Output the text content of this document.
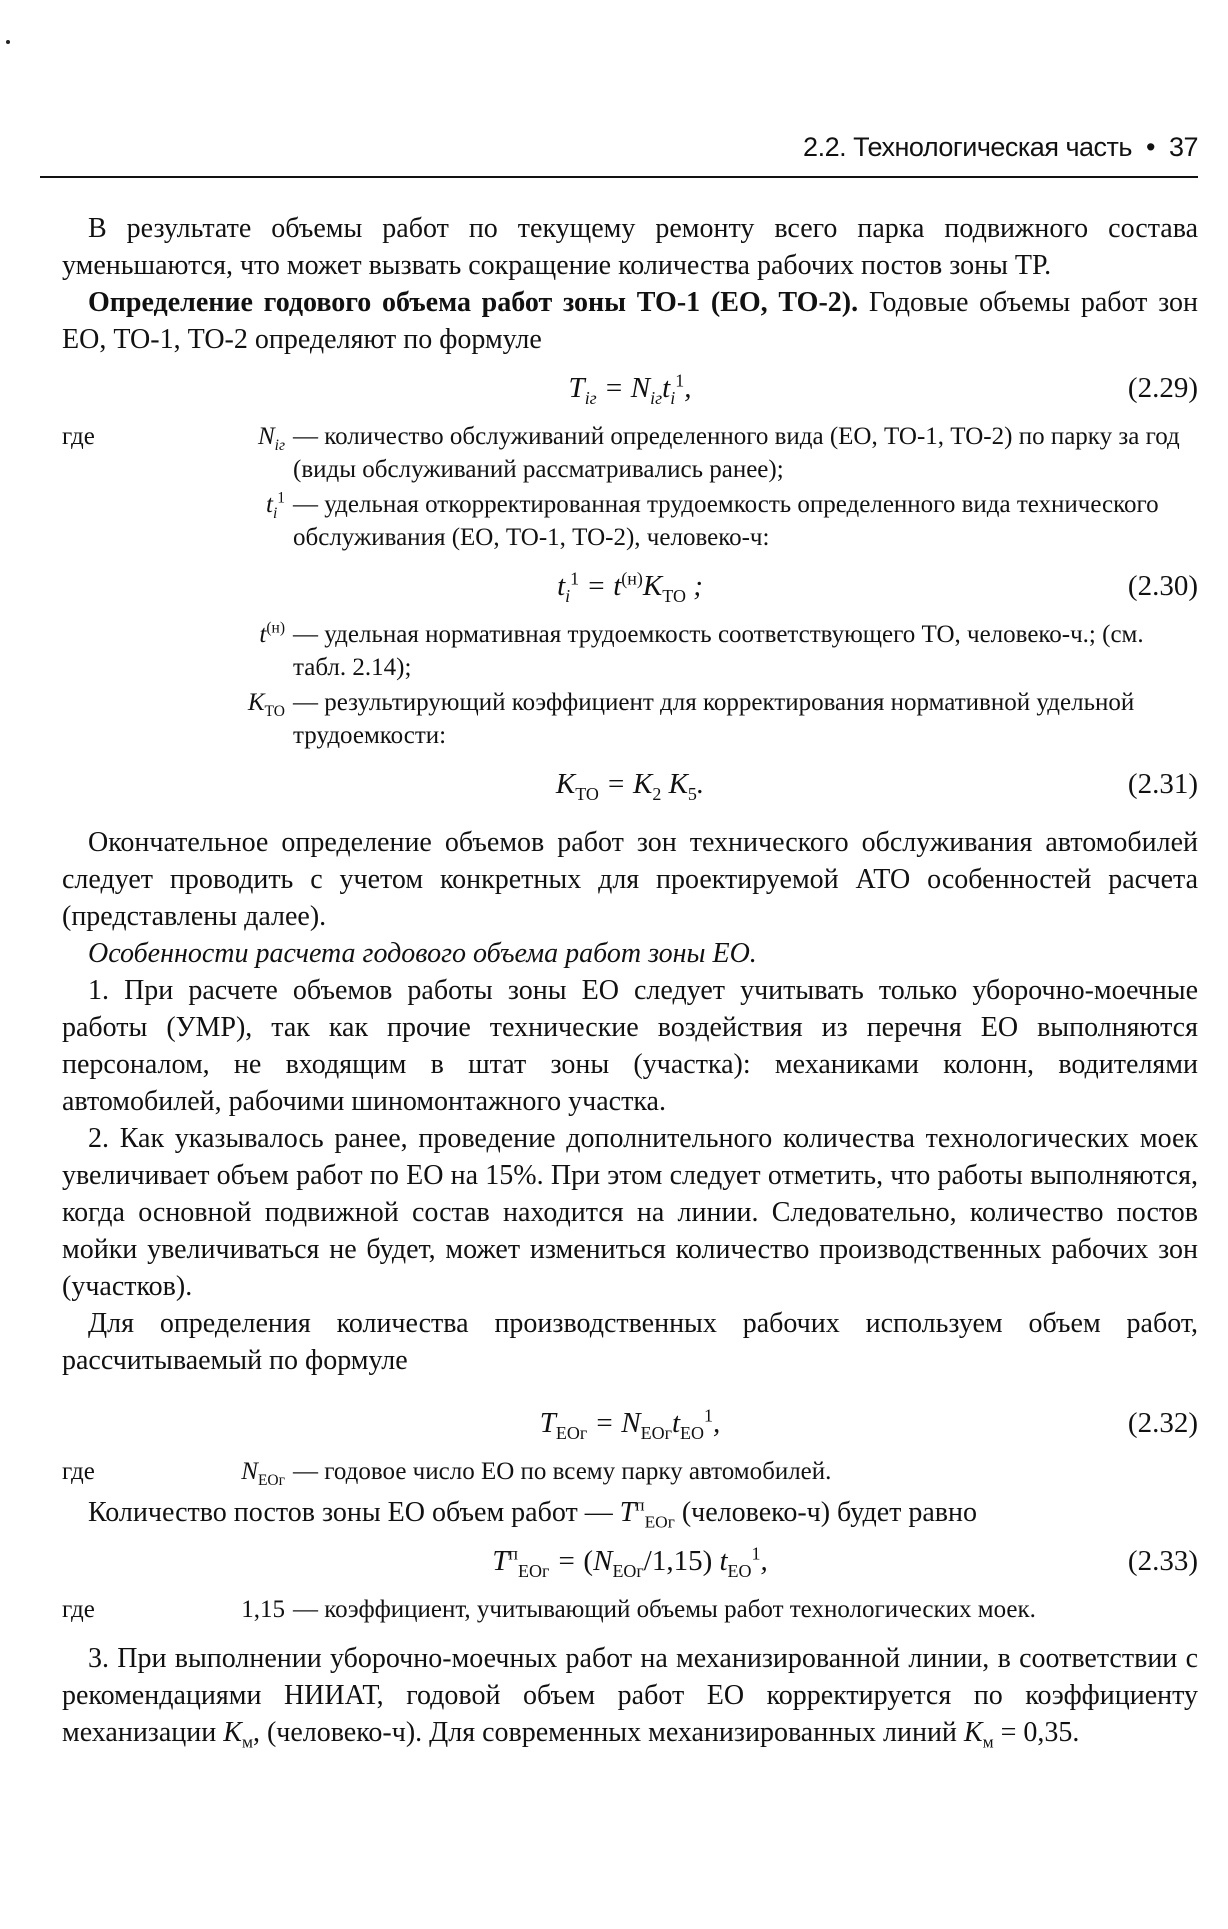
2.2. Технологическая часть • 37

В результате объемы работ по текущему ремонту всего парка подвижного состава уменьшаются, что может вызвать сокращение количества рабочих постов зоны ТР.

Определение годового объема работ зоны ТО-1 (ЕО, ТО-2). Годовые объемы работ зон ЕО, ТО-1, ТО-2 определяют по формуле

$T_{iг} = N_{iг}t_i^1$,	(2.29)
где	$N_{iг}$ — количество обслуживаний определенного вида (ЕО, ТО-1, ТО-2) по парку за год (виды обслуживаний рассматривались ранее);
$t_i^1$ — удельная откорректированная трудоемкость определенного вида технического обслуживания (ЕО, ТО-1, ТО-2), человеко-ч:
$t_i^1 = t^{(н)}K_{ТО}$ ;	(2.30)
$t^{(н)}$ — удельная нормативная трудоемкость соответствующего ТО, человеко-ч.; (см. табл. 2.14);
$K_{ТО}$ — результирующий коэффициент для корректирования нормативной удельной трудоемкости:
$K_{ТО} = K_2$ $K_5$.	(2.31)

Окончательное определение объемов работ зон технического обслуживания автомобилей следует проводить с учетом конкретных для проектируемой АТО особенностей расчета (представлены далее).

Особенности расчета годового объема работ зоны ЕО.

1. При расчете объемов работы зоны ЕО следует учитывать только уборочно-моечные работы (УМР), так как прочие технические воздействия из перечня ЕО выполняются персоналом, не входящим в штат зоны (участка): механиками колонн, водителями автомобилей, рабочими шиномонтажного участка.

2. Как указывалось ранее, проведение дополнительного количества технологических моек увеличивает объем работ по ЕО на 15%. При этом следует отметить, что работы выполняются, когда основной подвижной состав находится на линии. Следовательно, количество постов мойки увеличиваться не будет, может измениться количество производственных рабочих зон (участков).

Для определения количества производственных рабочих используем объем работ, рассчитываемый по формуле

$T_{ЕОг} = N_{ЕОг}t_{ЕО}^1$,	(2.32)
где	$N_{ЕОг}$ — годовое число ЕО по всему парку автомобилей.

Количество постов зоны ЕО объем работ — $T^п_{ЕОг}$ (человеко-ч) будет равно

$T^п_{ЕОг} = (N_{ЕОг}/1,15)$ $t_{ЕО}^1$,	(2.33)
где	1,15 — коэффициент, учитывающий объемы работ технологических моек.

3. При выполнении уборочно-моечных работ на механизированной линии, в соответствии с рекомендациями НИИАТ, годовой объем работ ЕО корректируется по коэффициенту механизации $K_м$, (человеко-ч). Для современных механизированных линий $K_м = 0,35$.
